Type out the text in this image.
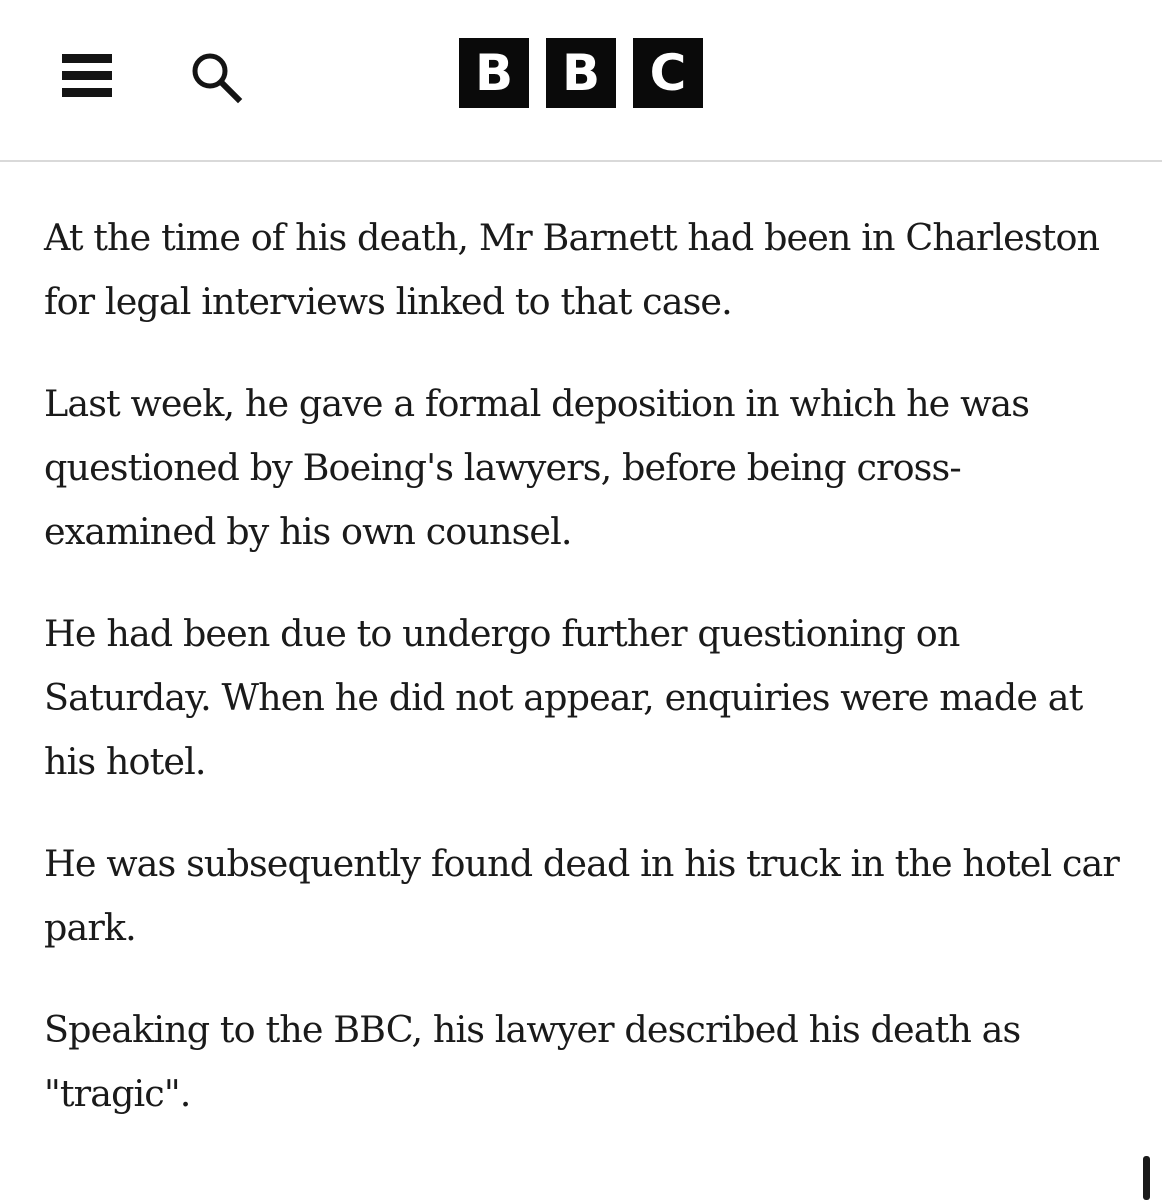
B B C

At the time of his death, Mr Barnett had been in Charleston for legal interviews linked to that case.

Last week, he gave a formal deposition in which he was questioned by Boeing's lawyers, before being cross-examined by his own counsel.

He had been due to undergo further questioning on Saturday. When he did not appear, enquiries were made at his hotel.

He was subsequently found dead in his truck in the hotel car park.

Speaking to the BBC, his lawyer described his death as "tragic".
